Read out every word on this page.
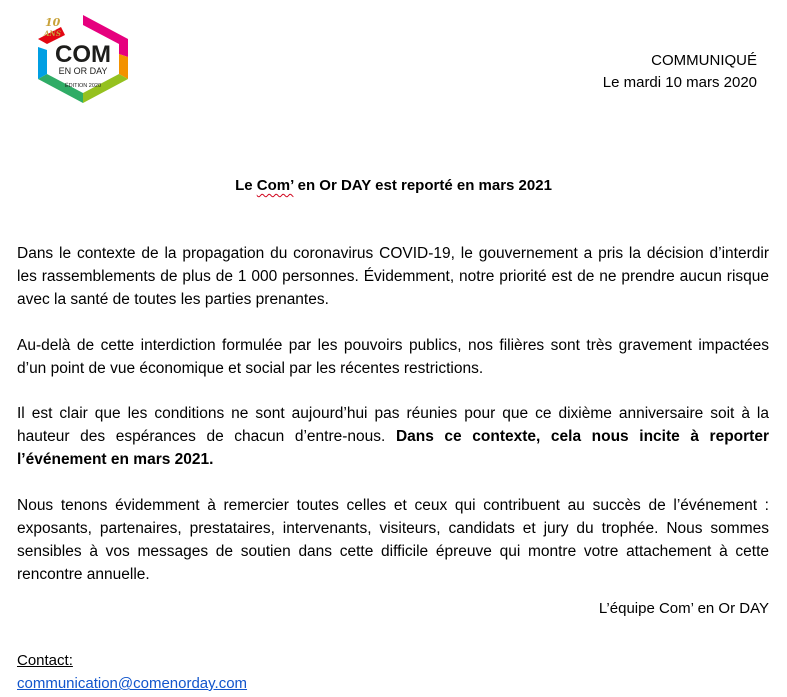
10
ANS
COM
EN OR DAY
ÉDITION 2020
COMMUNIQUÉ
Le mardi 10 mars 2020
Le Com’ en Or DAY est reporté en mars 2021

Dans le contexte de la propagation du coronavirus COVID-19, le gouvernement a pris la décision d’interdir les rassemblements de plus de 1 000 personnes. Évidemment, notre priorité est de ne prendre aucun risque avec la santé de toutes les parties prenantes.

Au-delà de cette interdiction formulée par les pouvoirs publics, nos filières sont très gravement impactées d’un point de vue économique et social par les récentes restrictions.

Il est clair que les conditions ne sont aujourd’hui pas réunies pour que ce dixième anniversaire soit à la hauteur des espérances de chacun d’entre-nous. Dans ce contexte, cela nous incite à reporter l’événement en mars 2021.

Nous tenons évidemment à remercier toutes celles et ceux qui contribuent au succès de l’événement : exposants, partenaires, prestataires, intervenants, visiteurs, candidats et jury du trophée. Nous sommes sensibles à vos messages de soutien dans cette difficile épreuve qui montre votre attachement à cette rencontre annuelle.

L’équipe Com’ en Or DAY
Contact:
communication@comenorday.com
